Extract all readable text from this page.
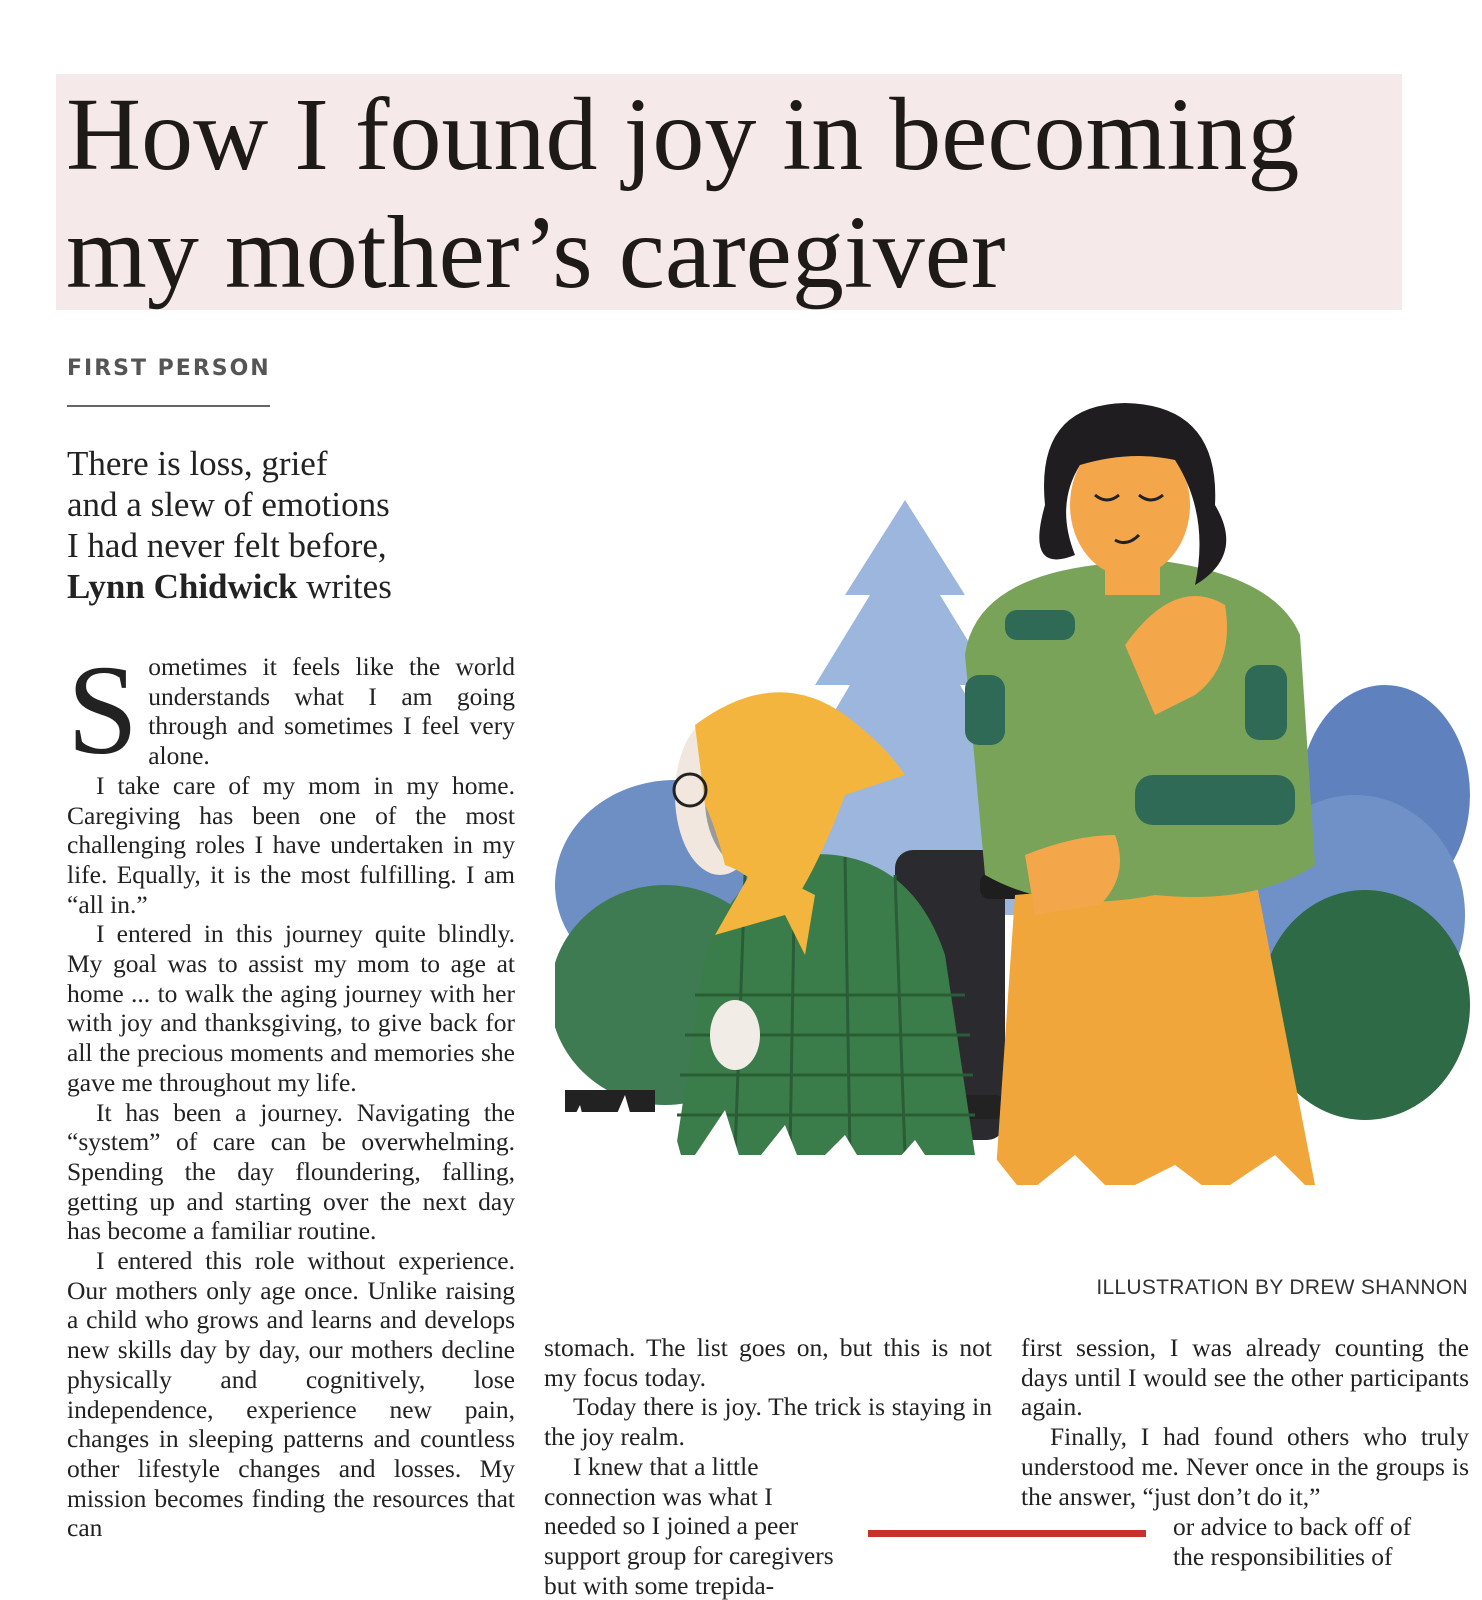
How I found joy in becoming
my mother’s caregiver
FIRST PERSON
There is loss, grief
and a slew of emotions
I had never felt before,
Lynn Chidwick writes
ILLUSTRATION BY DREW SHANNON

Sometimes it feels like the world understands what I am going through and sometimes I feel very alone.

I take care of my mom in my home. Caregiving has been one of the most challenging roles I have undertaken in my life. Equally, it is the most fulfilling. I am “all in.”

I entered in this journey quite blindly. My goal was to assist my mom to age at home ... to walk the aging journey with her with joy and thanksgiving, to give back for all the precious moments and memories she gave me throughout my life.

It has been a journey. Navigating the “system” of care can be overwhelming. Spending the day floundering, falling, getting up and starting over the next day has become a familiar routine.

I entered this role without experience. Our mothers only age once. Unlike raising a child who grows and learns and develops new skills day by day, our mothers decline physically and cognitively, lose independence, experience new pain, changes in sleeping patterns and countless other lifestyle changes and losses. My mission becomes finding the resources that can

stomach. The list goes on, but this is not my focus today.

Today there is joy. The trick is staying in the joy realm.

I knew that a little connection was what I needed so I joined a peer support group for caregivers

but with some trepida-

first session, I was already counting the days until I would see the other participants again.

Finally, I had found others who truly understood me. Never once in the groups is the answer, “just don’t do it,”

or advice to back off of

the responsibilities of
